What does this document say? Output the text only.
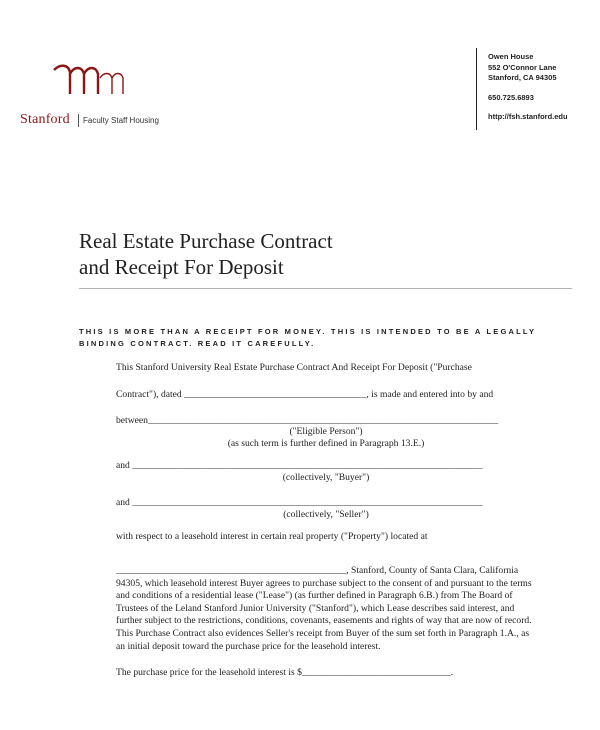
Stanford Faculty Staff Housing
Owen House
552 O'Connor Lane
Stanford, CA 94305
650.725.6893
http://fsh.stanford.edu
Real Estate Purchase Contract
and Receipt For Deposit
THIS IS MORE THAN A RECEIPT FOR MONEY. THIS IS INTENDED TO BE A LEGALLY BINDING CONTRACT. READ IT CAREFULLY.
This Stanford University Real Estate Purchase Contract And Receipt For Deposit ("Purchase
Contract"), dated ______________________________________, is made and entered into by and
between_________________________________________________________________________
("Eligible Person")
(as such term is further defined in Paragraph 13.E.)
and _________________________________________________________________________
(collectively, "Buyer")
and _________________________________________________________________________
(collectively, "Seller")
with respect to a leasehold interest in certain real property ("Property") located at
________________________________________________, Stanford, County of Santa Clara, California 94305, which leasehold interest Buyer agrees to purchase subject to the consent of and pursuant to the terms and conditions of a residential lease ("Lease") (as further defined in Paragraph 6.B.) from The Board of Trustees of the Leland Stanford Junior University ("Stanford"), which Lease describes said interest, and further subject to the restrictions, conditions, covenants, easements and rights of way that are now of record. This Purchase Contract also evidences Seller's receipt from Buyer of the sum set forth in Paragraph 1.A., as an initial deposit toward the purchase price for the leasehold interest.
The purchase price for the leasehold interest is $_______________________________.
